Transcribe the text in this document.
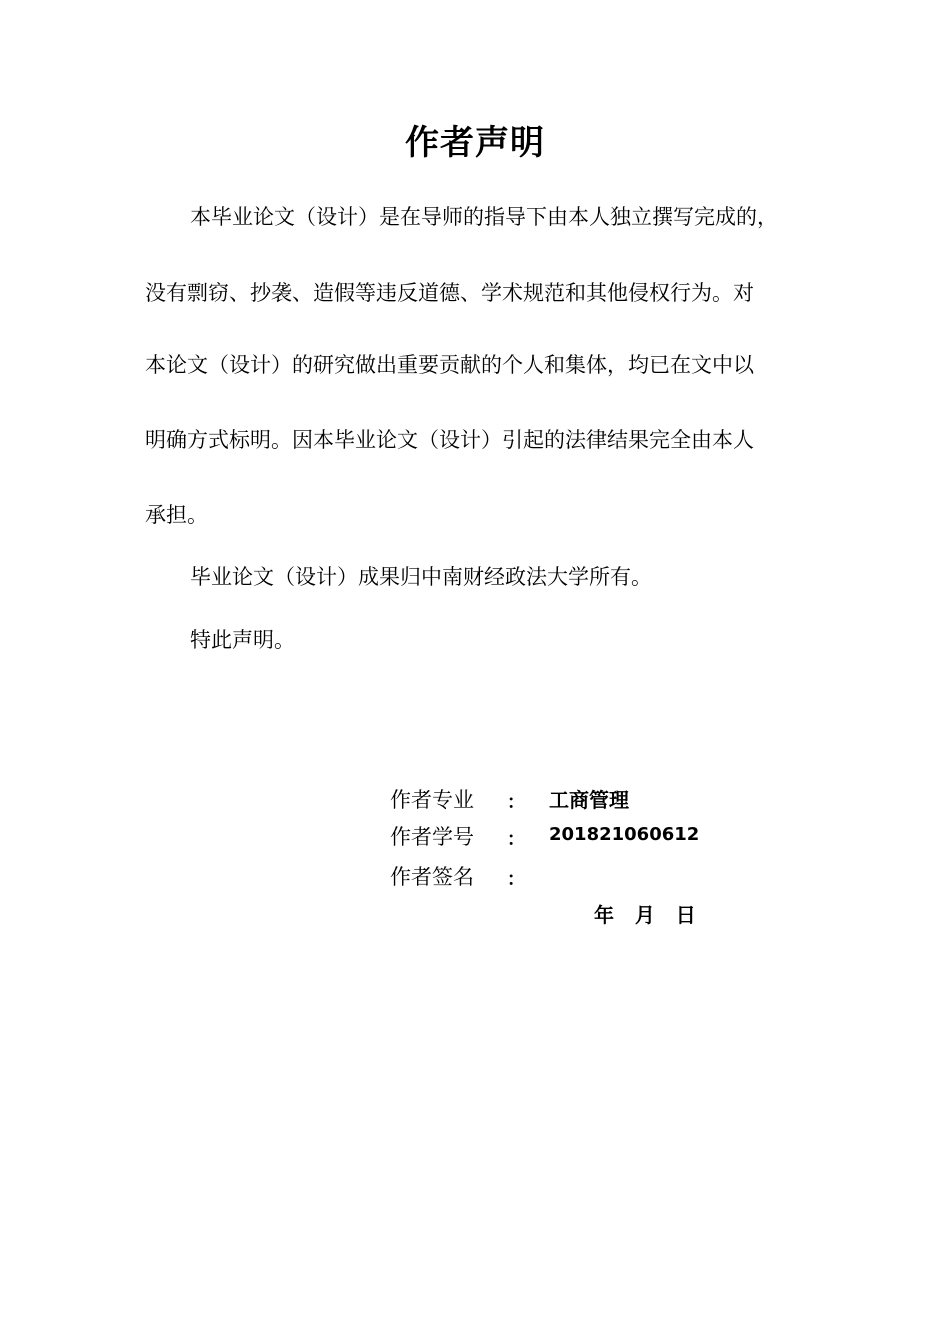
作者声明
本毕业论文（设计）是在导师的指导下由本人独立撰写完成的，
没有剽窃、抄袭、造假等违反道德、学术规范和其他侵权行为。对
本论文（设计）的研究做出重要贡献的个人和集体，均已在文中以
明确方式标明。因本毕业论文（设计）引起的法律结果完全由本人
承担。
毕业论文（设计）成果归中南财经政法大学所有。
特此声明。
作者专业 ： 工商管理
作者学号 ： 201821060612
作者签名 ：
年   月   日
